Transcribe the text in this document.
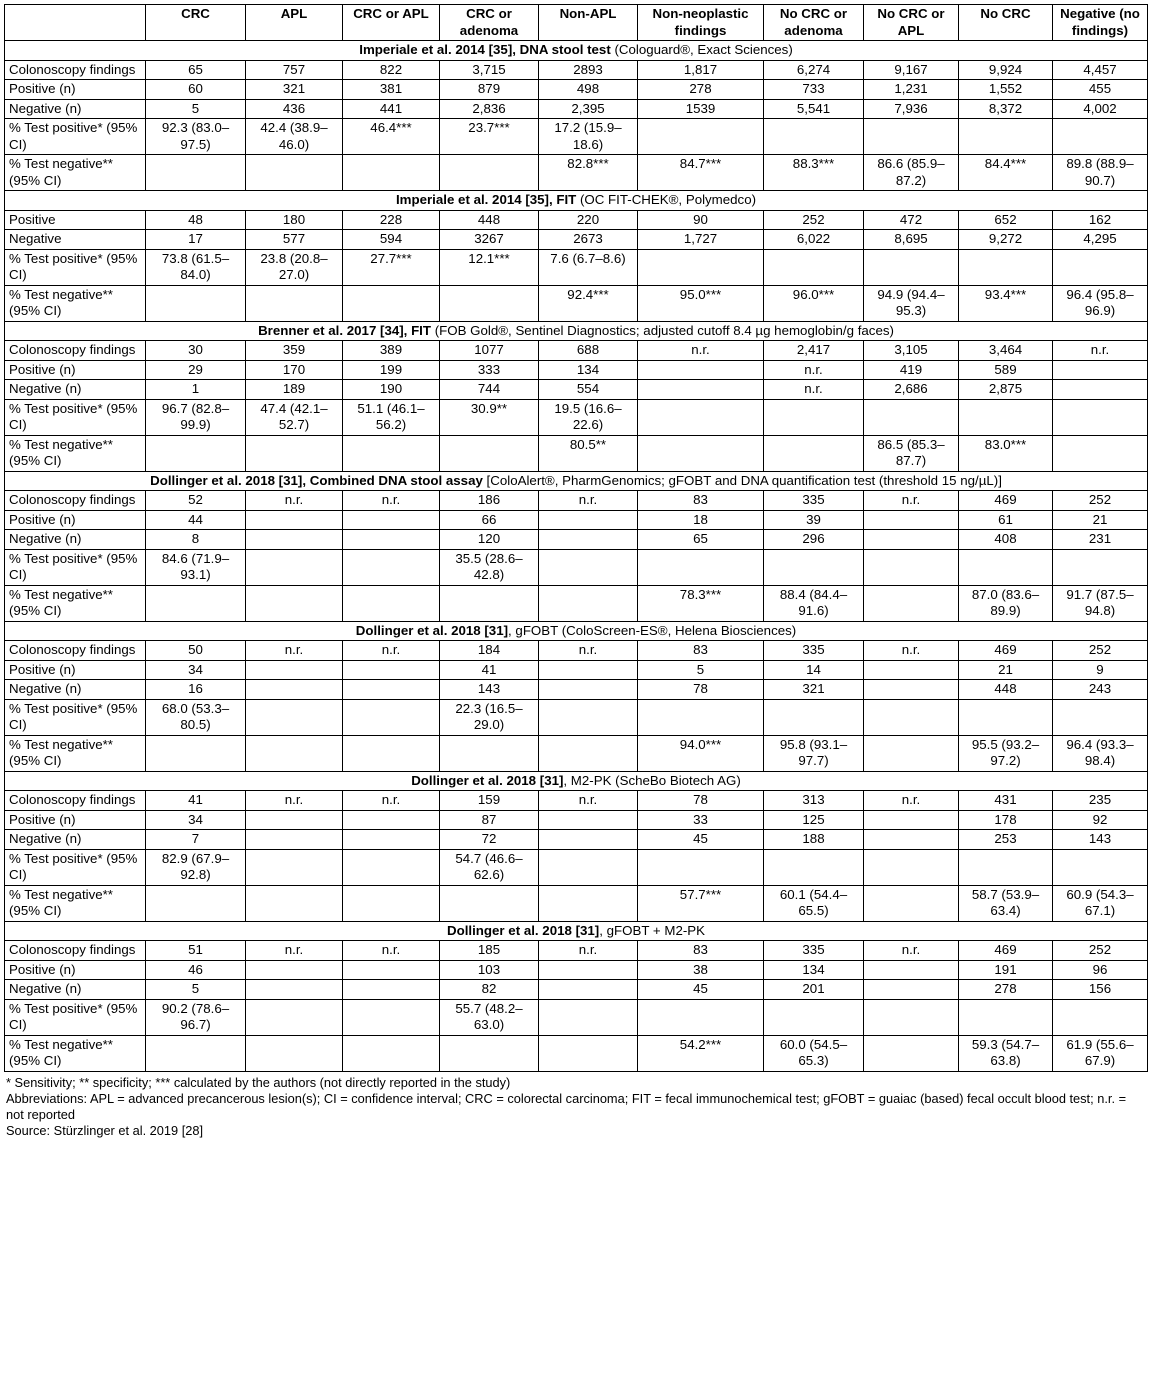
	CRC	APL	CRC or APL	CRC or adenoma	Non-APL	Non-neoplastic findings	No CRC or adenoma	No CRC or APL	No CRC	Negative (no findings)
Imperiale et al. 2014 [35], DNA stool test (Cologuard®, Exact Sciences)										
Colonoscopy findings	65	757	822	3,715	2893	1,817	6,274	9,167	9,924	4,457
Positive (n)	60	321	381	879	498	278	733	1,231	1,552	455
Negative (n)	5	436	441	2,836	2,395	1539	5,541	7,936	8,372	4,002
% Test positive* (95% CI)	92.3 (83.0–97.5)	42.4 (38.9–46.0)	46.4***	23.7***	17.2 (15.9–18.6)					
% Test negative** (95% CI)					82.8***	84.7***	88.3***	86.6 (85.9–87.2)	84.4***	89.8 (88.9–90.7)
Imperiale et al. 2014 [35], FIT (OC FIT-CHEK®, Polymedco)										
Positive	48	180	228	448	220	90	252	472	652	162
Negative	17	577	594	3267	2673	1,727	6,022	8,695	9,272	4,295
% Test positive* (95% CI)	73.8 (61.5–84.0)	23.8 (20.8–27.0)	27.7***	12.1***	7.6 (6.7–8.6)					
% Test negative** (95% CI)					92.4***	95.0***	96.0***	94.9 (94.4–95.3)	93.4***	96.4 (95.8–96.9)
Brenner et al. 2017 [34], FIT (FOB Gold®, Sentinel Diagnostics; adjusted cutoff 8.4 µg hemoglobin/g faces)										
Colonoscopy findings	30	359	389	1077	688	n.r.	2,417	3,105	3,464	n.r.
Positive (n)	29	170	199	333	134		n.r.	419	589	
Negative (n)	1	189	190	744	554		n.r.	2,686	2,875	
% Test positive* (95% CI)	96.7 (82.8–99.9)	47.4 (42.1–52.7)	51.1 (46.1–56.2)	30.9**	19.5 (16.6–22.6)					
% Test negative** (95% CI)					80.5**			86.5 (85.3–87.7)	83.0***	
Dollinger et al. 2018 [31], Combined DNA stool assay [ColoAlert®, PharmGenomics; gFOBT and DNA quantification test (threshold 15 ng/µL)]										
Colonoscopy findings	52	n.r.	n.r.	186	n.r.	83	335	n.r.	469	252
Positive (n)	44			66		18	39		61	21
Negative (n)	8			120		65	296		408	231
% Test positive* (95% CI)	84.6 (71.9–93.1)			35.5 (28.6–42.8)						
% Test negative** (95% CI)						78.3***	88.4 (84.4–91.6)		87.0 (83.6–89.9)	91.7 (87.5–94.8)
Dollinger et al. 2018 [31], gFOBT (ColoScreen-ES®, Helena Biosciences)										
Colonoscopy findings	50	n.r.	n.r.	184	n.r.	83	335	n.r.	469	252
Positive (n)	34			41		5	14		21	9
Negative (n)	16			143		78	321		448	243
% Test positive* (95% CI)	68.0 (53.3–80.5)			22.3 (16.5–29.0)						
% Test negative** (95% CI)						94.0***	95.8 (93.1–97.7)		95.5 (93.2–97.2)	96.4 (93.3–98.4)
Dollinger et al. 2018 [31], M2-PK (ScheBo Biotech AG)										
Colonoscopy findings	41	n.r.	n.r.	159	n.r.	78	313	n.r.	431	235
Positive (n)	34			87		33	125		178	92
Negative (n)	7			72		45	188		253	143
% Test positive* (95% CI)	82.9 (67.9–92.8)			54.7 (46.6–62.6)						
% Test negative** (95% CI)						57.7***	60.1 (54.4–65.5)		58.7 (53.9–63.4)	60.9 (54.3–67.1)
Dollinger et al. 2018 [31], gFOBT + M2-PK										
Colonoscopy findings	51	n.r.	n.r.	185	n.r.	83	335	n.r.	469	252
Positive (n)	46			103		38	134		191	96
Negative (n)	5			82		45	201		278	156
% Test positive* (95% CI)	90.2 (78.6–96.7)			55.7 (48.2–63.0)						
% Test negative** (95% CI)						54.2***	60.0 (54.5–65.3)		59.3 (54.7–63.8)	61.9 (55.6–67.9)
* Sensitivity; ** specificity; *** calculated by the authors (not directly reported in the study)
Abbreviations: APL = advanced precancerous lesion(s); CI = confidence interval; CRC = colorectal carcinoma; FIT = fecal immunochemical test; gFOBT = guaiac (based) fecal occult blood test; n.r. = not reported
Source: Stürzlinger et al. 2019 [28]
